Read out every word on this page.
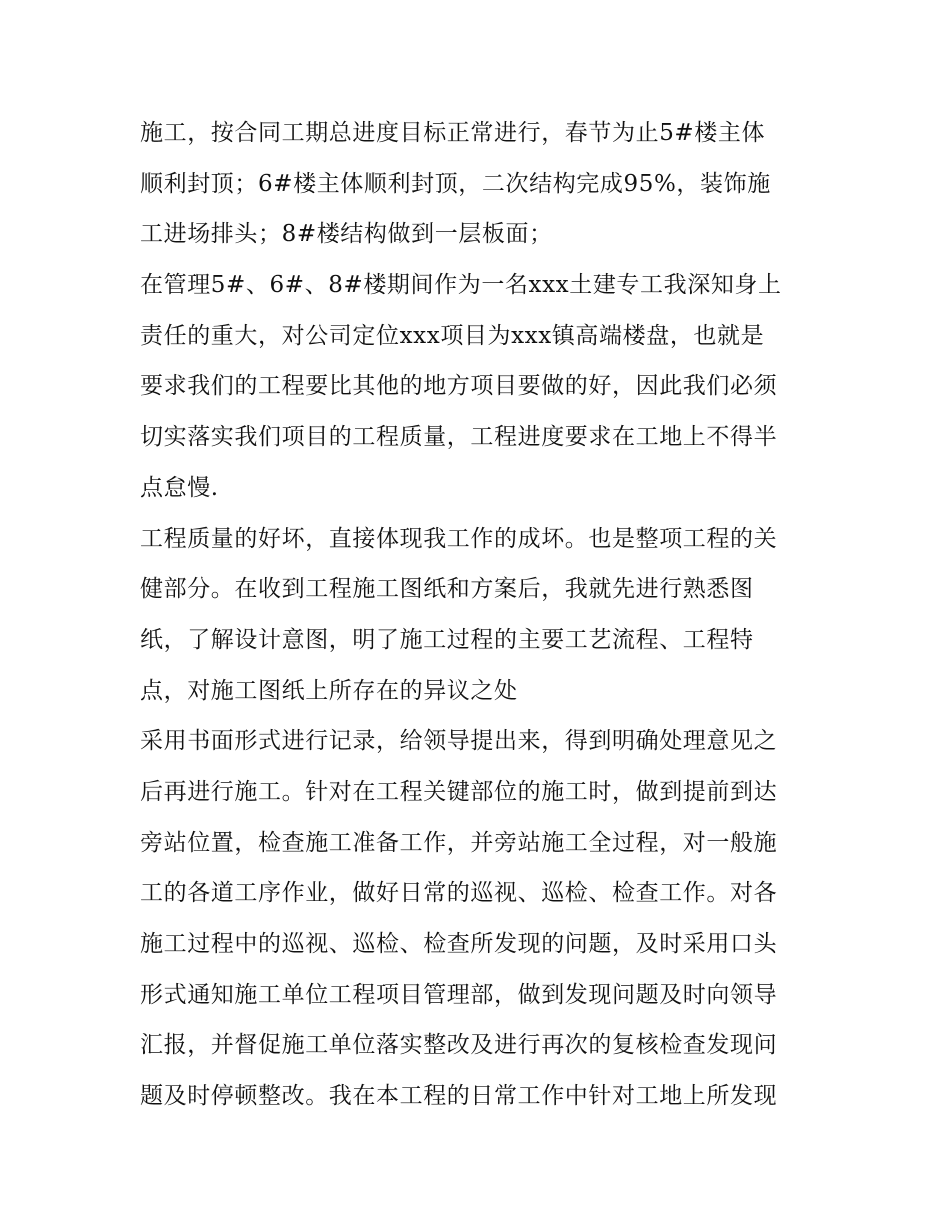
施工，按合同工期总进度目标正常进行，春节为止5#楼主体
顺利封顶；6#楼主体顺利封顶，二次结构完成95%，装饰施
工进场排头；8#楼结构做到一层板面；
在管理5#、6#、8#楼期间作为一名xxx土建专工我深知身上
责任的重大，对公司定位xxx项目为xxx镇高端楼盘，也就是
要求我们的工程要比其他的地方项目要做的好，因此我们必须
切实落实我们项目的工程质量，工程进度要求在工地上不得半
点怠慢.
工程质量的好坏，直接体现我工作的成坏。也是整项工程的关
健部分。在收到工程施工图纸和方案后，我就先进行熟悉图
纸，了解设计意图，明了施工过程的主要工艺流程、工程特
点，对施工图纸上所存在的异议之处
采用书面形式进行记录，给领导提出来，得到明确处理意见之
后再进行施工。针对在工程关键部位的施工时，做到提前到达
旁站位置，检查施工准备工作，并旁站施工全过程，对一般施
工的各道工序作业，做好日常的巡视、巡检、检查工作。对各
施工过程中的巡视、巡检、检查所发现的问题，及时采用口头
形式通知施工单位工程项目管理部，做到发现问题及时向领导
汇报，并督促施工单位落实整改及进行再次的复核检查发现问
题及时停顿整改。我在本工程的日常工作中针对工地上所发现
